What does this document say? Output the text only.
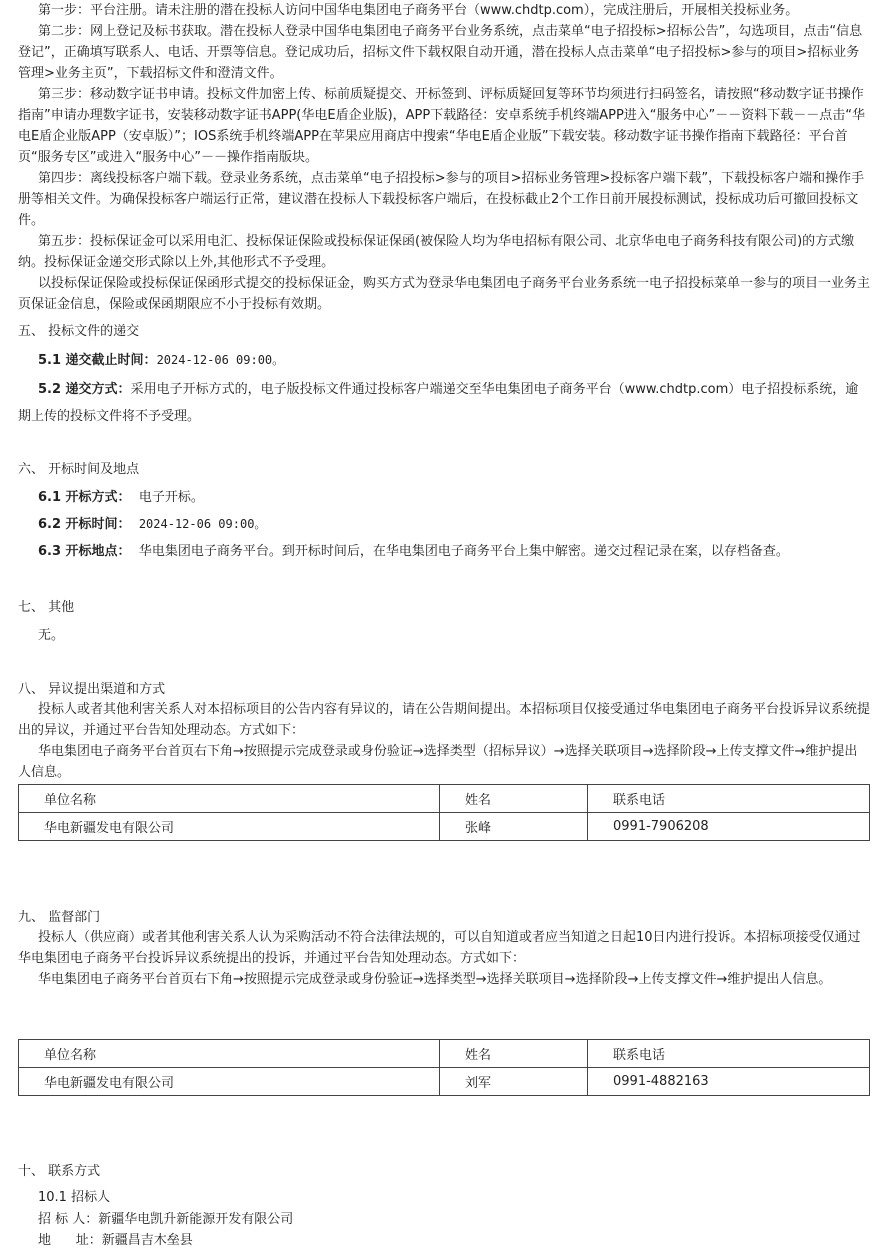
第一步：平台注册。请未注册的潜在投标人访问中国华电集团电子商务平台（www.chdtp.com），完成注册后，开展相关投标业务。

第二步：网上登记及标书获取。潜在投标人登录中国华电集团电子商务平台业务系统，点击菜单“电子招投标>招标公告”，勾选项目，点击“信息登记”，正确填写联系人、电话、开票等信息。登记成功后，招标文件下载权限自动开通，潜在投标人点击菜单“电子招投标>参与的项目>招标业务管理>业务主页”，下载招标文件和澄清文件。

第三步：移动数字证书申请。投标文件加密上传、标前质疑提交、开标签到、评标质疑回复等环节均须进行扫码签名，请按照“移动数字证书操作指南”申请办理数字证书，安装移动数字证书APP(华电E盾企业版)，APP下载路径：安卓系统手机终端APP进入“服务中心”－－资料下载－－点击“华电E盾企业版APP（安卓版）”；IOS系统手机终端APP在苹果应用商店中搜索“华电E盾企业版”下载安装。移动数字证书操作指南下载路径：平台首页“服务专区”或进入“服务中心”－－操作指南版块。

第四步：离线投标客户端下载。登录业务系统，点击菜单“电子招投标>参与的项目>招标业务管理>投标客户端下载”，下载投标客户端和操作手册等相关文件。为确保投标客户端运行正常，建议潜在投标人下载投标客户端后，在投标截止2个工作日前开展投标测试，投标成功后可撤回投标文件。

第五步：投标保证金可以采用电汇、投标保证保险或投标保证保函(被保险人均为华电招标有限公司、北京华电电子商务科技有限公司)的方式缴纳。投标保证金递交形式除以上外,其他形式不予受理。

以投标保证保险或投标保证保函形式提交的投标保证金，购买方式为登录华电集团电子商务平台业务系统一电子招投标菜单一参与的项目一业务主页保证金信息，保险或保函期限应不小于投标有效期。

五、 投标文件的递交
5.1 递交截止时间：2024-12-06 09:00。

5.2 递交方式：采用电子开标方式的，电子版投标文件通过投标客户端递交至华电集团电子商务平台（www.chdtp.com）电子招投标系统，逾期上传的投标文件将不予受理。

六、 开标时间及地点
6.1 开标方式： 电子开标。
6.2 开标时间： 2024-12-06 09:00。
6.3 开标地点： 华电集团电子商务平台。到开标时间后，在华电集团电子商务平台上集中解密。递交过程记录在案，以存档备查。
七、 其他
无。
八、 异议提出渠道和方式

投标人或者其他利害关系人对本招标项目的公告内容有异议的，请在公告期间提出。本招标项目仅接受通过华电集团电子商务平台投诉异议系统提出的异议，并通过平台告知处理动态。方式如下：

华电集团电子商务平台首页右下角→按照提示完成登录或身份验证→选择类型（招标异议）→选择关联项目→选择阶段→上传支撑文件→维护提出人信息。

单位名称	姓名	联系电话
华电新疆发电有限公司	张峰	0991-7906208
九、 监督部门

投标人（供应商）或者其他利害关系人认为采购活动不符合法律法规的，可以自知道或者应当知道之日起10日内进行投诉。本招标项接受仅通过华电集团电子商务平台投诉异议系统提出的投诉，并通过平台告知处理动态。方式如下：

华电集团电子商务平台首页右下角→按照提示完成登录或身份验证→选择类型→选择关联项目→选择阶段→上传支撑文件→维护提出人信息。

单位名称	姓名	联系电话
华电新疆发电有限公司	刘军	0991-4882163
十、 联系方式
10.1 招标人
招 标 人：新疆华电凯升新能源开发有限公司
地      址：新疆昌吉木垒县
